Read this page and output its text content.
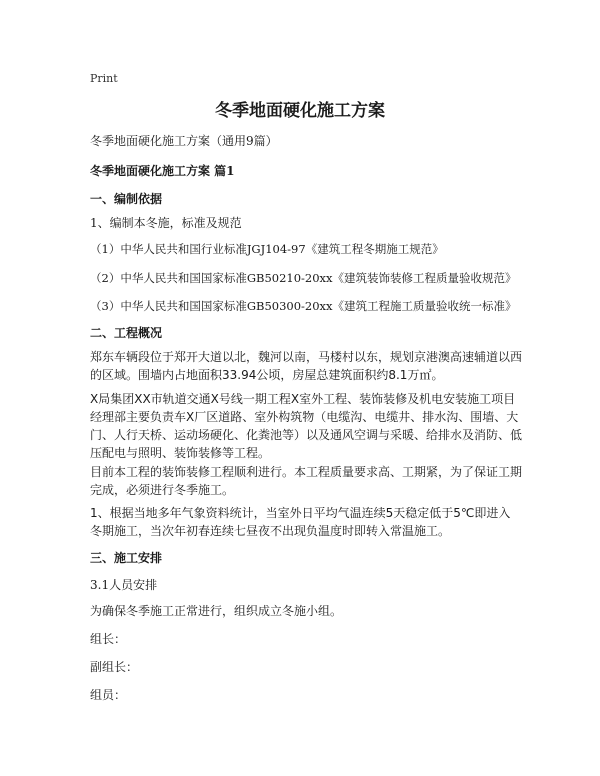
Print
冬季地面硬化施工方案
冬季地面硬化施工方案（通用9篇）
冬季地面硬化施工方案 篇1
一、编制依据
1、编制本冬施，标准及规范
（1）中华人民共和国行业标准JGJ104-97《建筑工程冬期施工规范》
（2）中华人民共和国国家标准GB50210-20xx《建筑装饰装修工程质量验收规范》
（3）中华人民共和国国家标准GB50300-20xx《建筑工程施工质量验收统一标准》
二、工程概况
郑东车辆段位于郑开大道以北，魏河以南，马楼村以东，规划京港澳高速辅道以西的区域。围墙内占地面积33.94公顷，房屋总建筑面积约8.1万㎡。
X局集团XX市轨道交通X号线一期工程X室外工程、装饰装修及机电安装施工项目经理部主要负责车X厂区道路、室外构筑物（电缆沟、电缆井、排水沟、围墙、大门、人行天桥、运动场硬化、化粪池等）以及通风空调与采暖、给排水及消防、低压配电与照明、装饰装修等工程。
目前本工程的装饰装修工程顺利进行。本工程质量要求高、工期紧，为了保证工期完成，必须进行冬季施工。
1、根据当地多年气象资料统计，当室外日平均气温连续5天稳定低于5℃即进入冬期施工，当次年初春连续七昼夜不出现负温度时即转入常温施工。
三、施工安排
3.1人员安排
为确保冬季施工正常进行，组织成立冬施小组。
组长：
副组长：
组员：
